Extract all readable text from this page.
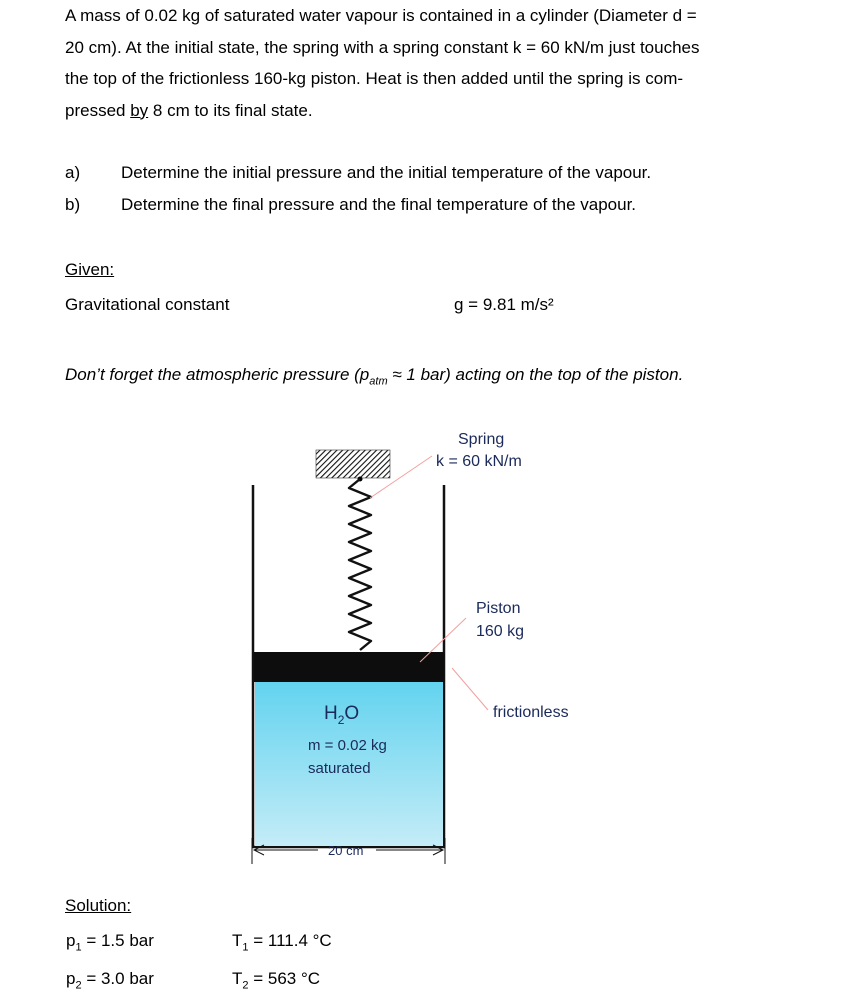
A mass of 0.02 kg of saturated water vapour is contained in a cylinder (Diameter d =

20 cm). At the initial state, the spring with a spring constant k = 60 kN/m just touches

the top of the frictionless 160-kg piston. Heat is then added until the spring is com-

pressed by 8 cm to its final state.

a) Determine the initial pressure and the initial temperature of the vapour.
b) Determine the final pressure and the final temperature of the vapour.
Given:
Gravitational constant	g = 9.81 m/s²
Don’t forget the atmospheric pressure ($p_{atm} \approx 1$ bar) acting on the top of the piston.
Spring
k = 60 kN/m
Piston
160 kg
frictionless
$H_2O$
m = 0.02 kg
saturated
20 cm
Solution:
$p_1 = 1.5$ bar
$p_2 = 3.0$ bar
$T_1 = 111.4$ °C
$T_2 = 563$ °C
